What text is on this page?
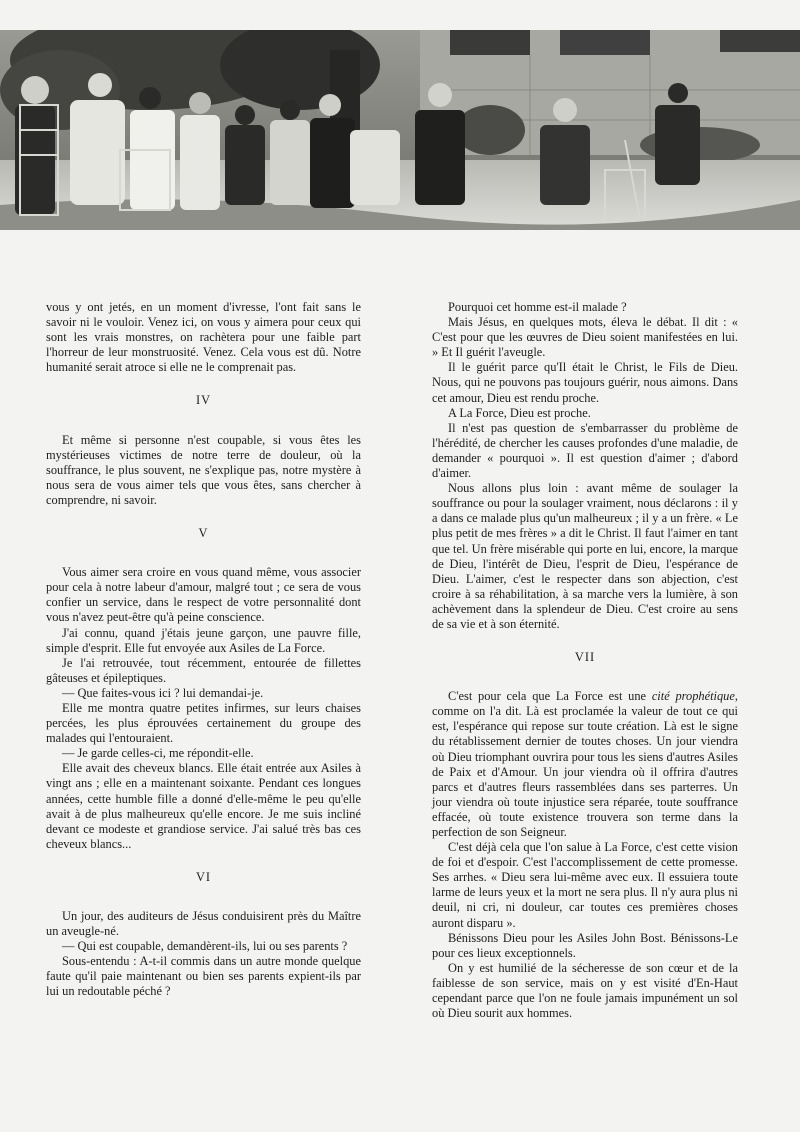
vous y ont jetés, en un moment d'ivresse, l'ont fait sans le savoir ni le vouloir. Venez ici, on vous y aimera pour ceux qui sont les vrais monstres, on rachètera pour une faible part l'horreur de leur monstruosité. Venez. Cela vous est dû. Notre humanité serait atroce si elle ne le comprenait pas.

IV

Et même si personne n'est coupable, si vous êtes les mystérieuses victimes de notre terre de douleur, où la souffrance, le plus souvent, ne s'explique pas, notre mystère à nous sera de vous aimer tels que vous êtes, sans chercher à comprendre, ni savoir.

V

Vous aimer sera croire en vous quand même, vous associer pour cela à notre labeur d'amour, malgré tout ; ce sera de vous confier un service, dans le respect de votre personnalité dont vous n'avez peut-être qu'à peine conscience.

J'ai connu, quand j'étais jeune garçon, une pauvre fille, simple d'esprit. Elle fut envoyée aux Asiles de La Force.

Je l'ai retrouvée, tout récemment, entourée de fillettes gâteuses et épileptiques.

— Que faites-vous ici ? lui demandai-je.

Elle me montra quatre petites infirmes, sur leurs chaises percées, les plus éprouvées certainement du groupe des malades qui l'entouraient.

— Je garde celles-ci, me répondit-elle.

Elle avait des cheveux blancs. Elle était entrée aux Asiles à vingt ans ; elle en a maintenant soixante. Pendant ces longues années, cette humble fille a donné d'elle-même le peu qu'elle avait à de plus malheureux qu'elle encore. Je me suis incliné devant ce modeste et grandiose service. J'ai salué très bas ces cheveux blancs...

VI

Un jour, des auditeurs de Jésus conduisirent près du Maître un aveugle-né.

— Qui est coupable, demandèrent-ils, lui ou ses parents ?

Sous-entendu : A-t-il commis dans un autre monde quelque faute qu'il paie maintenant ou bien ses parents expient-ils par lui un redoutable péché ?

Pourquoi cet homme est-il malade ?

Mais Jésus, en quelques mots, éleva le débat. Il dit : « C'est pour que les œuvres de Dieu soient manifestées en lui. » Et Il guérit l'aveugle.

Il le guérit parce qu'Il était le Christ, le Fils de Dieu. Nous, qui ne pouvons pas toujours guérir, nous aimons. Dans cet amour, Dieu est rendu proche.

A La Force, Dieu est proche.

Il n'est pas question de s'embarrasser du problème de l'hérédité, de chercher les causes profondes d'une maladie, de demander « pourquoi ». Il est question d'aimer ; d'abord d'aimer.

Nous allons plus loin : avant même de soulager la souffrance ou pour la soulager vraiment, nous déclarons : il y a dans ce malade plus qu'un malheureux ; il y a un frère. « Le plus petit de mes frères » a dit le Christ. Il faut l'aimer en tant que tel. Un frère misérable qui porte en lui, encore, la marque de Dieu, l'intérêt de Dieu, l'esprit de Dieu, l'espérance de Dieu. L'aimer, c'est le respecter dans son abjection, c'est croire à sa réhabilitation, à sa marche vers la lumière, à son achèvement dans la splendeur de Dieu. C'est croire au sens de sa vie et à son éternité.

VII

C'est pour cela que La Force est une cité prophétique, comme on l'a dit. Là est proclamée la valeur de tout ce qui est, l'espérance qui repose sur toute création. Là est le signe du rétablissement dernier de toutes choses. Un jour viendra où Dieu triomphant ouvrira pour tous les siens d'autres Asiles de Paix et d'Amour. Un jour viendra où il offrira d'autres parcs et d'autres fleurs rassemblées dans ses parterres. Un jour viendra où toute injustice sera réparée, toute souffrance effacée, où toute existence trouvera son terme dans la perfection de son Seigneur.

C'est déjà cela que l'on salue à La Force, c'est cette vision de foi et d'espoir. C'est l'accomplissement de cette promesse. Ses arrhes. « Dieu sera lui-même avec eux. Il essuiera toute larme de leurs yeux et la mort ne sera plus. Il n'y aura plus ni deuil, ni cri, ni douleur, car toutes ces premières choses auront disparu ».

Bénissons Dieu pour les Asiles John Bost. Bénissons-Le pour ces lieux exceptionnels.

On y est humilié de la sécheresse de son cœur et de la faiblesse de son service, mais on y est visité d'En-Haut cependant parce que l'on ne foule jamais impunément un sol où Dieu sourit aux hommes.
